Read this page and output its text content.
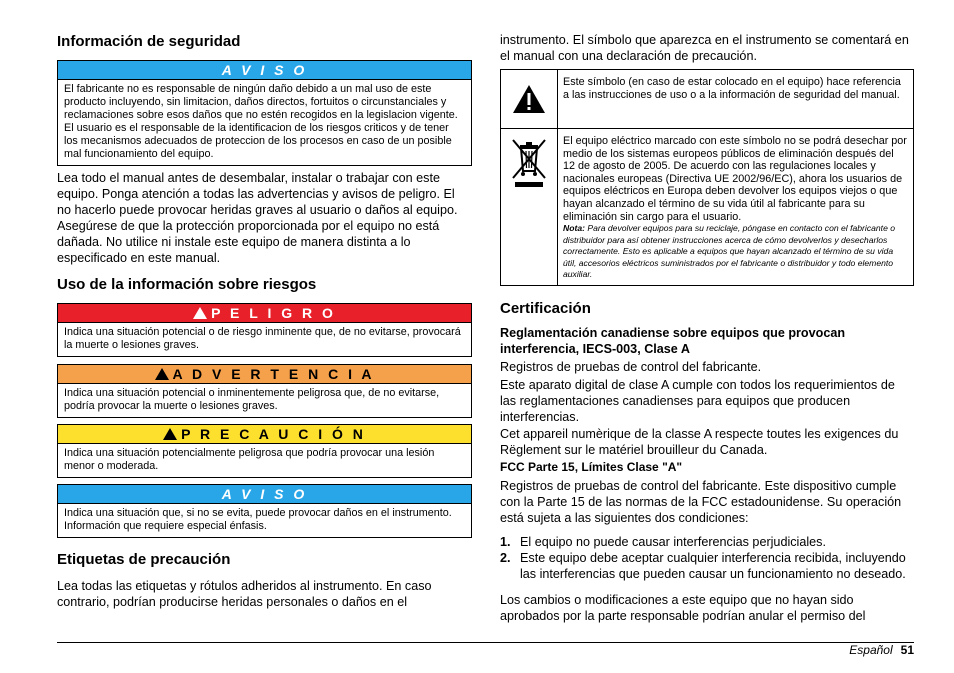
Información de seguridad
A V I S O
El fabricante no es responsable de ningún daño debido a un mal uso de este producto incluyendo, sin limitacion, daños directos, fortuitos o circunstanciales y reclamaciones sobre esos daños que no estén recogidos en la legislacion vigente. El usuario es el responsable de la identificacion de los riesgos criticos y de tener los mecanismos adecuados de proteccion de los procesos en caso de un posible mal funcionamiento del equipo.

Lea todo el manual antes de desembalar, instalar o trabajar con este equipo. Ponga atención a todas las advertencias y avisos de peligro. El no hacerlo puede provocar heridas graves al usuario o daños al equipo.

Asegúrese de que la protección proporcionada por el equipo no está dañada. No utilice ni instale este equipo de manera distinta a lo especificado en este manual.

Uso de la información sobre riesgos
P E L I G R O
Indica una situación potencial o de riesgo inminente que, de no evitarse, provocará la muerte o lesiones graves.
A D V E R T E N C I A
Indica una situación potencial o inminentemente peligrosa que, de no evitarse, podría provocar la muerte o lesiones graves.
P R E C A U C I Ó N
Indica una situación potencialmente peligrosa que podría provocar una lesión menor o moderada.
A V I S O
Indica una situación que, si no se evita, puede provocar daños en el instrumento. Información que requiere especial énfasis.
Etiquetas de precaución

Lea todas las etiquetas y rótulos adheridos al instrumento. En caso contrario, podrían producirse heridas personales o daños en el

instrumento. El símbolo que aparezca en el instrumento se comentará en el manual con una declaración de precaución.

Este símbolo (en caso de estar colocado en el equipo) hace referencia a las instrucciones de uso o a la información de seguridad del manual.
El equipo eléctrico marcado con este símbolo no se podrá desechar por medio de los sistemas europeos públicos de eliminación después del 12 de agosto de 2005. De acuerdo con las regulaciones locales y nacionales europeas (Directiva UE 2002/96/EC), ahora los usuarios de equipos eléctricos en Europa deben devolver los equipos viejos o que hayan alcanzado el término de su vida útil al fabricante para su eliminación sin cargo para el usuario.
Nota: Para devolver equipos para su reciclaje, póngase en contacto con el fabricante o distribuidor para así obtener instrucciones acerca de cómo devolverlos y desecharlos correctamente. Esto es aplicable a equipos que hayan alcanzado el término de su vida útil, accesorios eléctricos suministrados por el fabricante o distribuidor y todo elemento auxiliar.
Certificación

Reglamentación canadiense sobre equipos que provocan interferencia, IECS-003, Clase A

Registros de pruebas de control del fabricante.

Este aparato digital de clase A cumple con todos los requerimientos de las reglamentaciones canadienses para equipos que producen interferencias.

Cet appareil numèrique de la classe A respecte toutes les exigences du Rëglement sur le matériel brouilleur du Canada.

FCC Parte 15, Límites Clase "A"

Registros de pruebas de control del fabricante. Este dispositivo cumple con la Parte 15 de las normas de la FCC estadounidense. Su operación está sujeta a las siguientes dos condiciones:

1. El equipo no puede causar interferencias perjudiciales.
2. Este equipo debe aceptar cualquier interferencia recibida, incluyendo las interferencias que pueden causar un funcionamiento no deseado.

Los cambios o modificaciones a este equipo que no hayan sido aprobados por la parte responsable podrían anular el permiso del

Español 51
